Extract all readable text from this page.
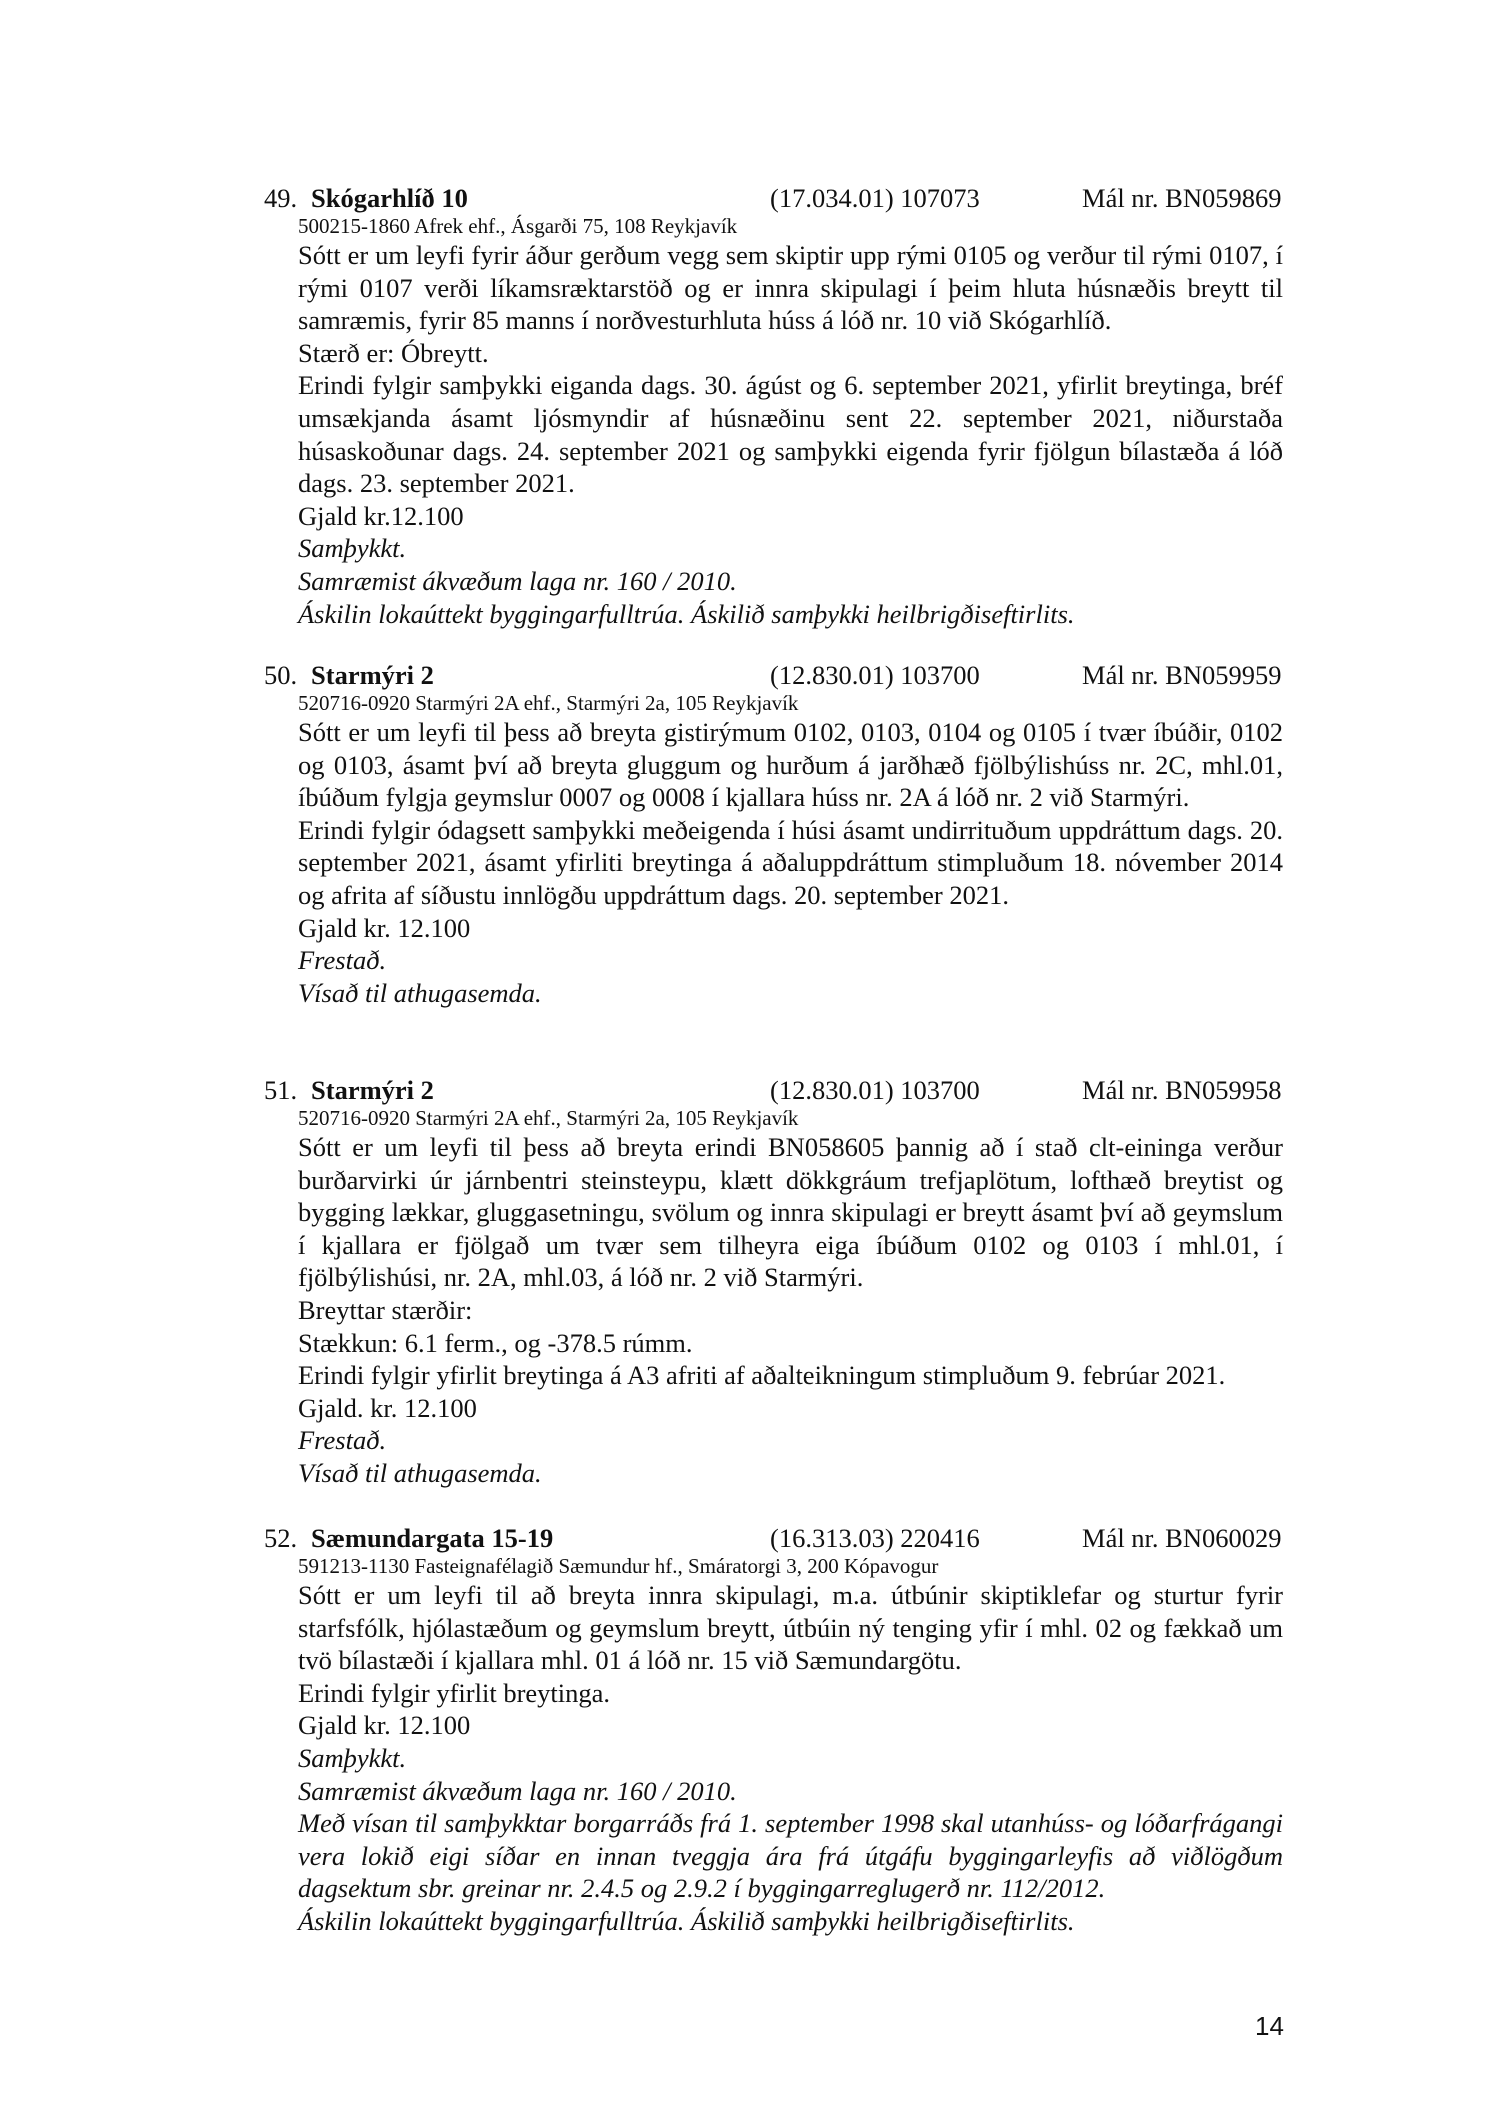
49. Skógarhlíð 10	(17.034.01) 107073	Mál nr. BN059869
500215-1860 Afrek ehf., Ásgarði 75, 108 Reykjavík
Sótt er um leyfi fyrir áður gerðum vegg sem skiptir upp rými 0105 og verður til rými 0107, í rými 0107 verði líkamsræktarstöð og er innra skipulagi í þeim hluta húsnæðis breytt til samræmis, fyrir 85 manns í norðvesturhluta húss á lóð nr. 10 við Skógarhlíð.
Stærð er: Óbreytt.
Erindi fylgir samþykki eiganda dags. 30. ágúst og 6. september 2021, yfirlit breytinga, bréf umsækjanda ásamt ljósmyndir af húsnæðinu sent 22. september 2021, niðurstaða húsaskoðunar dags. 24. september 2021 og samþykki eigenda fyrir fjölgun bílastæða á lóð dags. 23. september 2021.
Gjald kr.12.100
Samþykkt.
Samræmist ákvæðum laga nr. 160 / 2010.
Áskilin lokaúttekt byggingarfulltrúa. Áskilið samþykki heilbrigðiseftirlits.
50. Starmýri 2	(12.830.01) 103700	Mál nr. BN059959
520716-0920 Starmýri 2A ehf., Starmýri 2a, 105 Reykjavík
Sótt er um leyfi til þess að breyta gistirýmum 0102, 0103, 0104 og 0105 í tvær íbúðir, 0102 og 0103, ásamt því að breyta gluggum og hurðum á jarðhæð fjölbýlishúss nr. 2C, mhl.01, íbúðum fylgja geymslur 0007 og 0008 í kjallara húss nr. 2A á lóð nr. 2 við Starmýri.
Erindi fylgir ódagsett samþykki meðeigenda í húsi ásamt undirrituðum uppdráttum dags. 20. september 2021, ásamt yfirliti breytinga á aðaluppdráttum stimpluðum 18. nóvember 2014 og afrita af síðustu innlögðu uppdráttum dags. 20. september 2021.
Gjald kr. 12.100
Frestað.
Vísað til athugasemda.
51. Starmýri 2	(12.830.01) 103700	Mál nr. BN059958
520716-0920 Starmýri 2A ehf., Starmýri 2a, 105 Reykjavík
Sótt er um leyfi til þess að breyta erindi BN058605 þannig að í stað clt-eininga verður burðarvirki úr járnbentri steinsteypu, klætt dökkgráum trefjaplötum, lofthæð breytist og bygging lækkar, gluggasetningu, svölum og innra skipulagi er breytt ásamt því að geymslum í kjallara er fjölgað um tvær sem tilheyra eiga íbúðum 0102 og 0103 í mhl.01, í fjölbýlishúsi, nr. 2A, mhl.03, á lóð nr. 2 við Starmýri.
Breyttar stærðir:
Stækkun: 6.1 ferm., og -378.5 rúmm.
Erindi fylgir yfirlit breytinga á A3 afriti af aðalteikningum stimpluðum 9. febrúar 2021.
Gjald. kr. 12.100
Frestað.
Vísað til athugasemda.
52. Sæmundargata 15-19	(16.313.03) 220416	Mál nr. BN060029
591213-1130 Fasteignafélagið Sæmundur hf., Smáratorgi 3, 200 Kópavogur
Sótt er um leyfi til að breyta innra skipulagi, m.a. útbúnir skiptiklefar og sturtur fyrir starfsfólk, hjólastæðum og geymslum breytt, útbúin ný tenging yfir í mhl. 02 og fækkað um tvö bílastæði í kjallara mhl. 01 á lóð nr. 15 við Sæmundargötu.
Erindi fylgir yfirlit breytinga.
Gjald kr. 12.100
Samþykkt.
Samræmist ákvæðum laga nr. 160 / 2010.
Með vísan til samþykktar borgarráðs frá 1. september 1998 skal utanhúss- og lóðarfrágangi vera lokið eigi síðar en innan tveggja ára frá útgáfu byggingarleyfis að viðlögðum dagsektum sbr. greinar nr. 2.4.5 og 2.9.2 í byggingarreglugerð nr. 112/2012.
Áskilin lokaúttekt byggingarfulltrúa. Áskilið samþykki heilbrigðiseftirlits.
14
